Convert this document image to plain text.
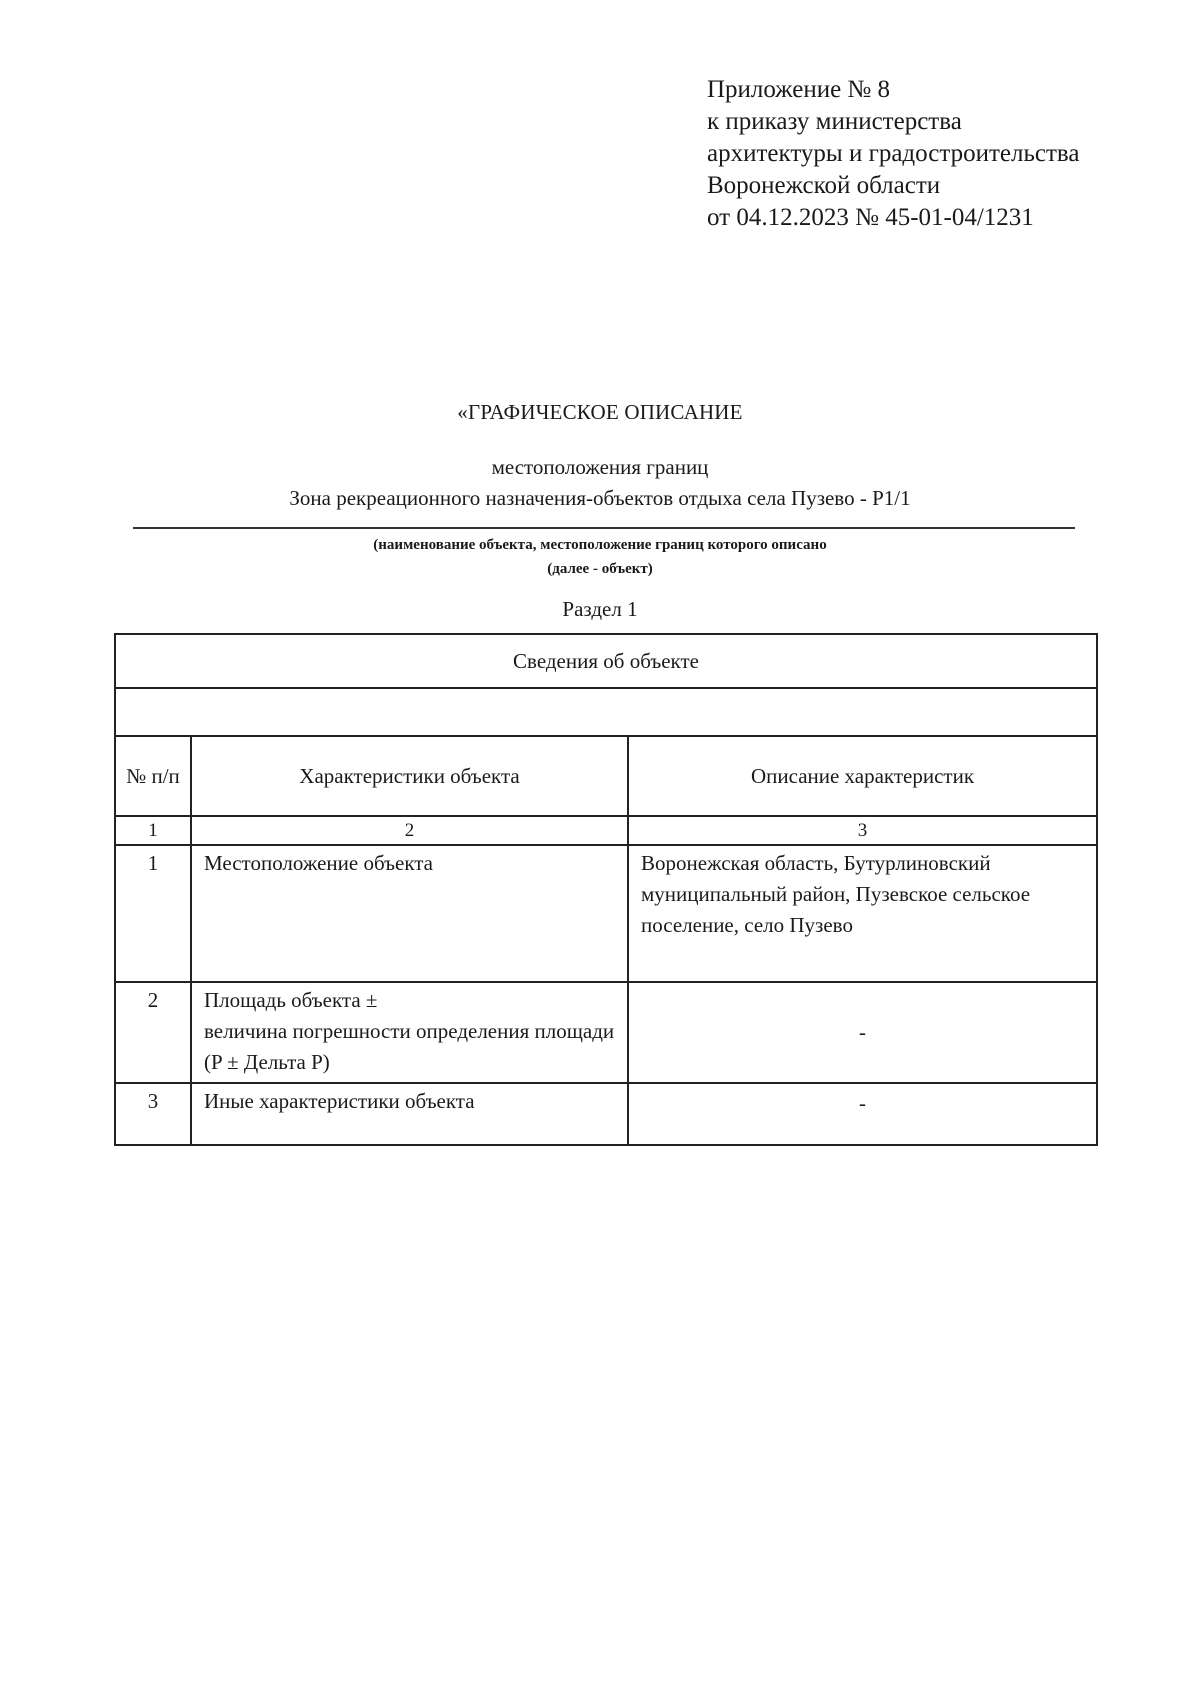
Приложение № 8
к приказу министерства
архитектуры и градостроительства
Воронежской области
от 04.12.2023 № 45-01-04/1231
«ГРАФИЧЕСКОЕ ОПИСАНИЕ
местоположения границ
Зона рекреационного назначения-объектов отдыха села Пузево - Р1/1
(наименование объекта, местоположение границ которого описано
(далее - объект)
Раздел 1
Сведения об объекте		

№ п/п	Характеристики объекта	Описание характеристик
1	2	3
1	Местоположение объекта	Воронежская область, Бутурлиновский муниципальный район, Пузевское сельское поселение, село Пузево
2	Площадь объекта ±
величина погрешности определения площади (P ± Дельта P)	-
3	Иные характеристики объекта	-
